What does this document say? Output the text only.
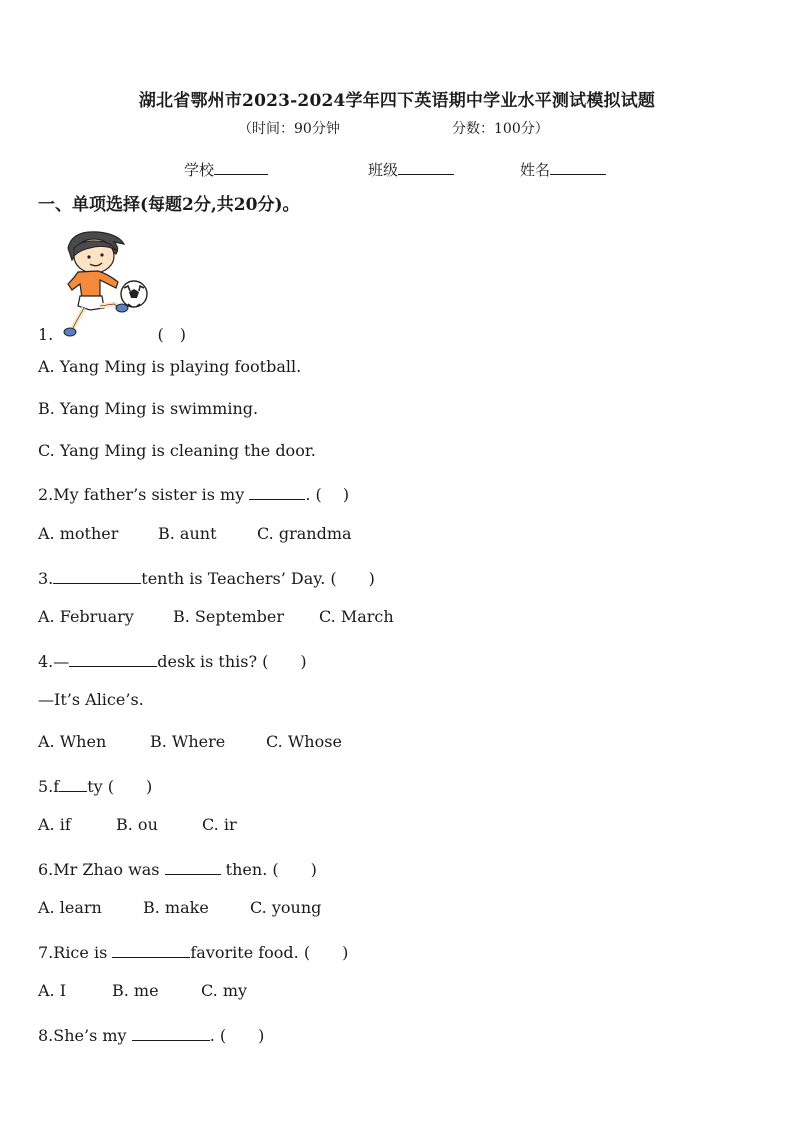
湖北省鄂州市2023-2024学年四下英语期中学业水平测试模拟试题
（时间：90分钟	分数：100分）
学校	班级	姓名
一、单项选择(每题2分,共20分)。
1.	(　)
A. Yang Ming is playing football.
B. Yang Ming is swimming.
C. Yang Ming is cleaning the door.
2.My father’s sister is my	. (　 )
A. mother B. aunt	C. grandma
3.	tenth is Teachers’ Day. (　　)
A. February B. September C. March
4.—	desk is this? (　　)
—It’s Alice’s.
A. When	B. Where	C. Whose
5.f ty (　　)
A. if	B. ou	C. ir
6.Mr Zhao was	then. (　　)
A. learn	B. make	C. young
7.Rice is	favorite food. (　　)
A. I	B. me	C. my
8.She’s my	. (　　)
